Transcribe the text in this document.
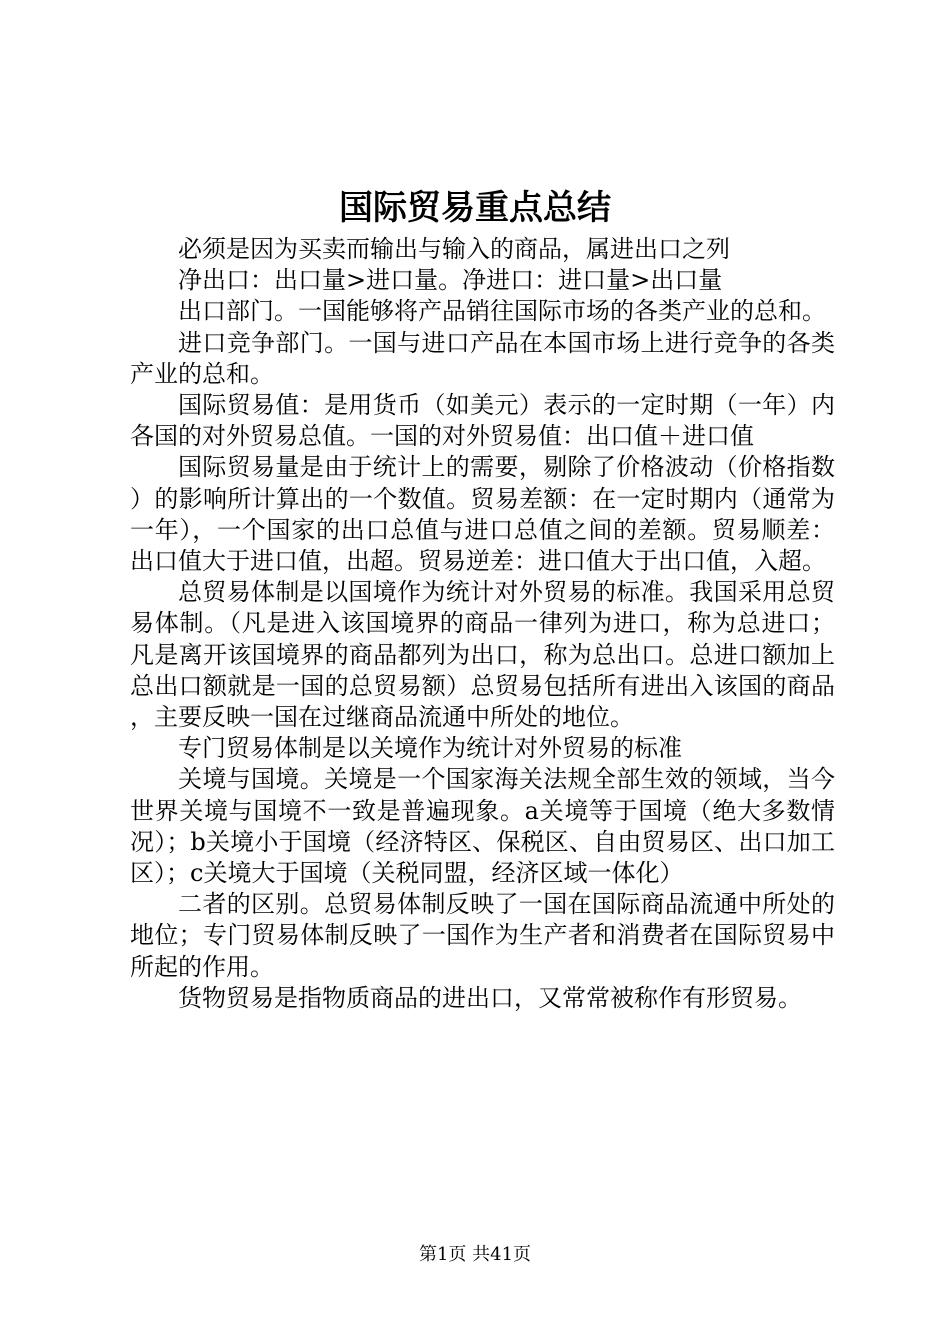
国际贸易重点总结

必须是因为买卖而输出与输入的商品，属进出口之列

净出口：出口量>进口量。净进口：进口量>出口量

出口部门。一国能够将产品销往国际市场的各类产业的总和。

进口竞争部门。一国与进口产品在本国市场上进行竞争的各类产业的总和。

国际贸易值：是用货币（如美元）表示的一定时期（一年）内各国的对外贸易总值。一国的对外贸易值：出口值＋进口值

国际贸易量是由于统计上的需要，剔除了价格波动（价格指数）的影响所计算出的一个数值。贸易差额：在一定时期内（通常为一年），一个国家的出口总值与进口总值之间的差额。贸易顺差：出口值大于进口值，出超。贸易逆差：进口值大于出口值，入超。

总贸易体制是以国境作为统计对外贸易的标准。我国采用总贸易体制。（凡是进入该国境界的商品一律列为进口，称为总进口；凡是离开该国境界的商品都列为出口，称为总出口。总进口额加上总出口额就是一国的总贸易额）总贸易包括所有进出入该国的商品，主要反映一国在过继商品流通中所处的地位。

专门贸易体制是以关境作为统计对外贸易的标准

关境与国境。关境是一个国家海关法规全部生效的领域，当今世界关境与国境不一致是普遍现象。a关境等于国境（绝大多数情况）；b关境小于国境（经济特区、保税区、自由贸易区、出口加工区）；c关境大于国境（关税同盟，经济区域一体化）

二者的区别。总贸易体制反映了一国在国际商品流通中所处的地位；专门贸易体制反映了一国作为生产者和消费者在国际贸易中所起的作用。

货物贸易是指物质商品的进出口，又常常被称作有形贸易。

第1页 共41页
